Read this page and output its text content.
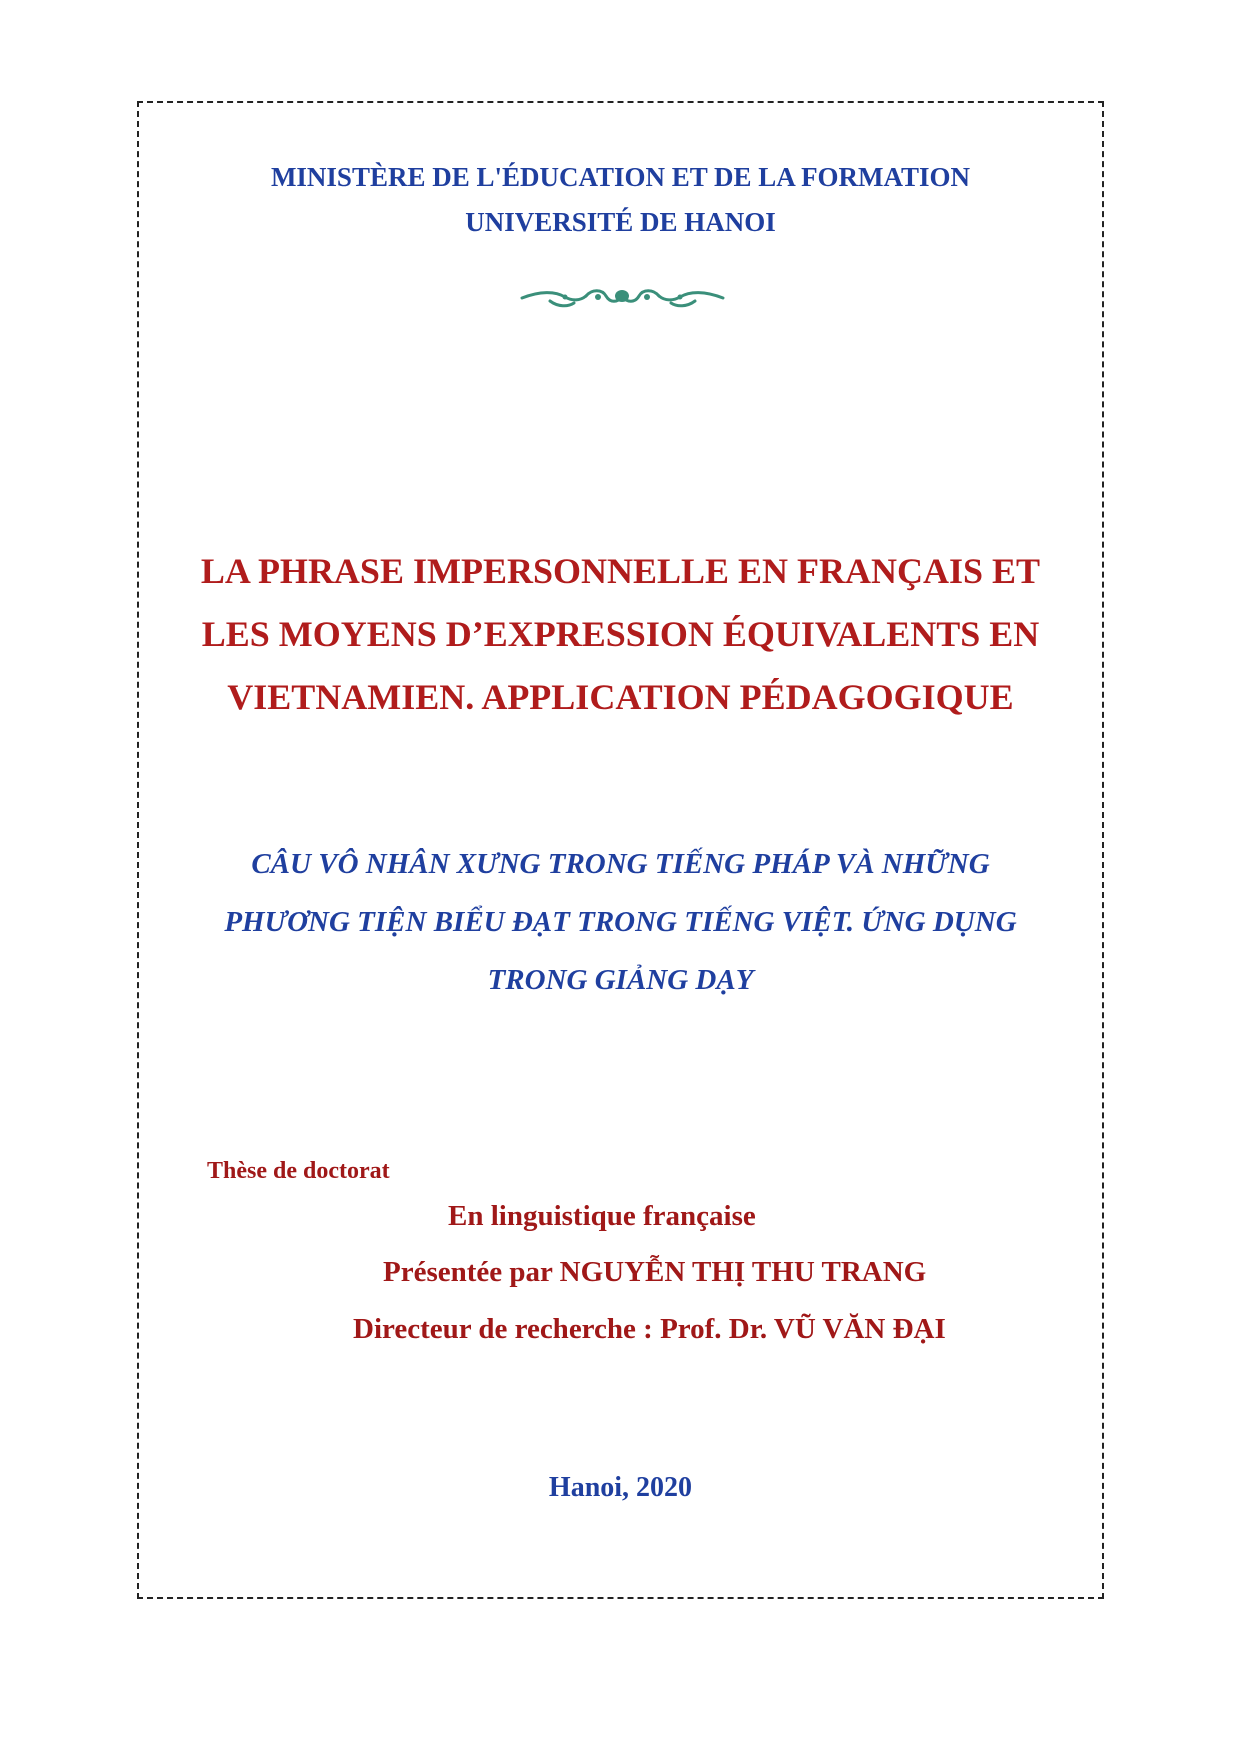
MINISTÈRE DE L'ÉDUCATION ET DE LA FORMATION
UNIVERSITÉ DE HANOI
LA PHRASE IMPERSONNELLE EN FRANÇAIS ET
LES MOYENS D’EXPRESSION ÉQUIVALENTS EN
VIETNAMIEN. APPLICATION PÉDAGOGIQUE
CÂU VÔ NHÂN XƯNG TRONG TIẾNG PHÁP VÀ NHỮNG
PHƯƠNG TIỆN BIỂU ĐẠT TRONG TIẾNG VIỆT. ỨNG DỤNG
TRONG GIẢNG DẠY
Thèse de doctorat
En linguistique française
Présentée par NGUYỄN THỊ THU TRANG
Directeur de recherche : Prof. Dr. VŨ VĂN ĐẠI
Hanoi, 2020
